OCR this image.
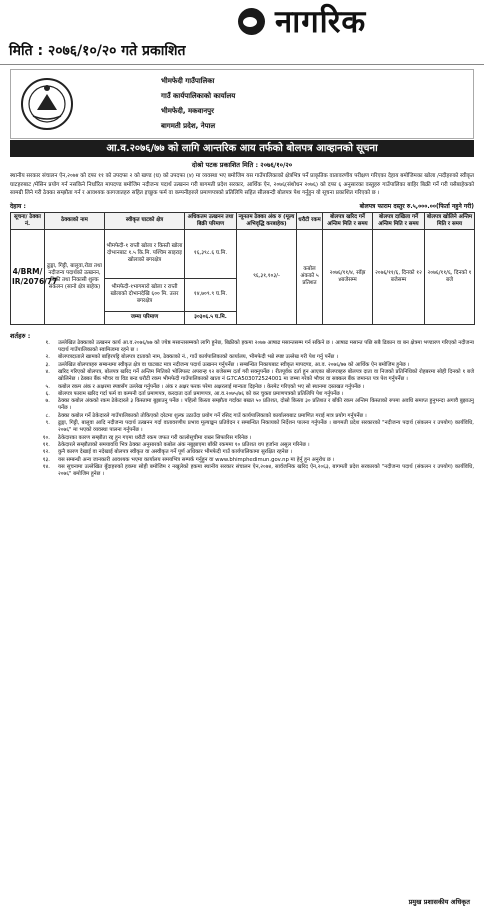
नागरिक
मिति : २०७६/१०/२० गते प्रकाशित
भीमफेदी गाउँपालिका
गाउँ कार्यपालिकाको कार्यालय
भीमफेदी, मकवानपुर
बागमती प्रदेश, नेपाल
आ.व.२०७६/७७ को लागि आन्तरिक आय तर्फको बोलपत्र आव्हानको सूचना
दोश्रो पटक प्रकाशित मिति : २०७६/१०/२०
स्थानीय सरकार संचालन ऐन,२०७४ को दफा ११ को उपदफा २ को खण्ड (ध) को उपदफा (४) मा व्यवस्था भए बमोजिम यस गाउँपालिकाको क्षेत्रभित्र पर्ने प्राकृतिक वातावरणीय परीक्षण गरिएका देहाय बमोजिमका खोला /नदीहरुको स्वीकृत घाटहरुबाट /मेसिन प्रयोग गर्न नसकिने निर्धारित मापदण्ड बमोजिम नदीजन्य पदार्थ उत्खनन गरी बागमती प्रदेश सरकार, आर्थिक ऐन, २०७६(संशोधन २०७६) को दफा ६ अनुसारका वस्तुहरु गाउँपालिका बाहिर बिक्री गर्ने गरी यसैबाहेकको सामग्री लिने गरी ठेक्का सम्झौता गर्न र आवश्यक कागजातहरु सहित इच्छुक फर्म वा कम्पनीहरुले प्रमाणपत्रको प्रतिलिपि सहित सीलबन्दी बोलपत्र पेश गर्नुहुन यो सूचना प्रकाशित गरिएको छ ।
देहाय :	बोलपत्र फाराम दस्तुर रु.५,०००.००(फिर्ता नहुने गरी)
सूचना/ ठेक्का नं.	ठेक्काको नाम	स्वीकृत घाटको क्षेत्र	अधिकतम उत्खनन तथा बिक्री परिमाण	न्यूनतम ठेक्का अंक रु (मूल्य अभिवृद्धि करबाहेक)	धरौटी रकम	बोलपत्र खरिद गर्ने अन्तिम मिति र समय	बोलपत्र दाखिला गर्ने अन्तिम मिति र समय	बोलपत्र खोलिने अन्तिम मिति र समय
4/BRM/ IR/2076/77	ढुङ्गा, गिट्टी, बालुवा,रोडा तथा नदीजन्य पदार्थको उत्खनन, बिक्री तथा निकासी शुल्क संकलन (सानो क्षेत्र बाहेक)	भीमफेदी-१ राप्ती खोला र किस्ती खोला दोभानबाट १.५ कि.मि. पश्चिम साइराइ खोलाको बगरक्षेत्र	१६,३९८.६ घ.मि.	९६,३१,१०३/-	कबोल अंकको ५ प्रतिशत	२०७६/११/४, साँझ ४बजेसम्म	२०७६/११/६, दिनको १२ बजेसम्म	२०७६/११/६, दिनको १ बजे
		भीमफेदी-१भागमारो खोला र राप्ती खोलाको दोभानदेखि ६०० मि. उत्तर बगरक्षेत्र	१४,७०९.९ घ.मि.					
		जम्मा परिमाण	३०३०६.५ घ.मि.					
शर्तहरु :
१.	उल्लेखित ठेक्काको उत्खनन कार्य आ.व.२०७६/७७ को ज्येष्ठ मसान्तसम्मको लागि हुनेछ, बिक्रीको हकमा २०७७ आषाढ मसान्तसम्म गर्न सकिने छ । आषाढ मसान्त पछि सबै ढिकान वा बन क्षेत्रमा भण्डारण गरिएको नदीजन्य पदार्थ गाउँपालिकाको स्वामित्वमा रहने छ ।
२.	बोलपत्रदाताले खामको बाहिरपट्टि बोलपत्र दाताको नाम, ठेक्काको नं., गाउँ कार्यपालिकाको कार्यालय, भीमफेदी भन्ने स्पष्ट उल्लेख गरी पेश गर्नु पर्नेछ ।
३.	उल्लेखित बोलपत्रहरु सम्बन्धमा स्वीकृत क्षेत्र वा घाटबाट मात्र नदीजन्य पदार्थ उत्खनन गर्नुपर्नेछ । सम्बन्धित निकायबाट स्वीकृत मापदण्ड, आ.व. २०७६/७७ को आर्थिक ऐन बमोजिम हुनेछ ।
४.	खरिद गरिएको बोलपत्र, बोलपत्र खरिद गर्ने अन्तिम मितिको भोलिपल्ट अपरान्ह १२ बजेसम्म दर्ता गरी सक्नुपर्नेछ । रीतपूर्वक दर्ता हुन आएका बोलपत्रहरु बोलपत्र दाता वा निजको प्रतिनिधिको रोहबरमा सोही दिनको १ बजे खोलिनेछ । ठेक्का बैंक भौचर वा विड बन्ड धरौटी रकम भीमफेदी गाउँपालिकाको खाता नं G7CA503072524001 मा जम्मा गरेको भौचर वा सक्कल बैंक जमानत पत्र पेश गर्नुपर्नेछ ।
५.	कबोल रकम अंक र अक्षरमा स्पष्टसँग उल्लेख गर्नुपर्नेछ । अंक र अक्षर फरक परेमा अक्षरलाई मान्यता दिइनेछ । केरमेट गरिएको भए सो स्थानमा दस्तखत गर्नुपर्नेछ ।
६.	बोलपत्र फाराम खरिद गर्दा फर्म वा कम्पनी दर्ता प्रमाणपत्र, करदाता दर्ता प्रमाणपत्र, आ.व.२०७५/७६ को कर चुक्ता प्रमाणपत्रको प्रतिलिपि पेश गर्नुपर्नेछ ।
७.	ठेक्का कबोल अंकको रकम ठेकेदारले ३ किस्तामा बुझाउनु पर्नेछ । पहिलो किस्ता सम्झौता गर्दाका बखत ५० प्रतिशत, दोस्रो किस्ता ३० प्रतिशत र बाँकी रकम अन्तिम किस्ताको रुपमा अवधि समाप्त हुनुभन्दा अगावै बुझाउनु पर्नेछ ।
८.	ठेक्का कबोल गर्ने ठेकेदारले गाउँपालिकाको तोकिएको दरेटमा शुल्क उठाउँदा प्रयोग गर्ने रसिद गाउँ कार्यपालिकाको कार्यालयबाट प्रमाणित गराई मात्र प्रयोग गर्नुपर्नेछ ।
९.	ढुङ्गा, गिट्टी, बालुवा आदि नदीजन्य पदार्थ उत्खनन गर्दा वातावरणीय प्रभाव मूल्याङ्कन प्रतिवेदन र सम्बन्धित निकायको निर्देशन पालना गर्नुपर्नेछ । बागमती प्रदेश सरकारको "नदीजन्य पदार्थ (संकलन र उपयोग) कार्यविधि, २०७६" मा भएको व्यवस्था पालना गर्नुपर्नेछ ।
१०.	ठेकेदारका कारण सम्झौता रद्द हुन गएमा धरौटी रकम जफत गरी कालोसूचीमा राख्न सिफारिस गरिनेछ ।
११.	ठेकेदारले सम्झौताको समयावधि भित्र ठेक्का अनुसारको कबोल अंक नबुझाएमा बाँकी रकममा १० प्रतिशत थप हर्जाना असुल गरिनेछ ।
१२.	कुनै कारण देखाई वा नदेखाई बोलपत्र स्वीकृत वा अस्वीकृत गर्ने पूर्ण अधिकार भीमफेदी गाउँ कार्यपालिकामा सुरक्षित रहनेछ ।
१३.	यस सम्बन्धी अन्य जानकारी आवश्यक भएमा कार्यालय समयभित्र सम्पर्क गर्नुहुन वा www.bhimphedimun.gov.np मा हेर्नु हुन अनुरोध छ ।
१४.	यस सूचनामा उल्लेखित बुँदाहरुको हकमा सोही बमोजिम र नखुलेको हकमा स्थानीय सरकार संचालन ऐन,२०७४, सार्वजनिक खरिद ऐन,२०६३, बागमती प्रदेश सरकारको "नदीजन्य पदार्थ (संकलन र उपयोग) कार्यविधि, २०७६" बमोजिम हुनेछ ।
प्रमुख प्रशासकीय अधिकृत
